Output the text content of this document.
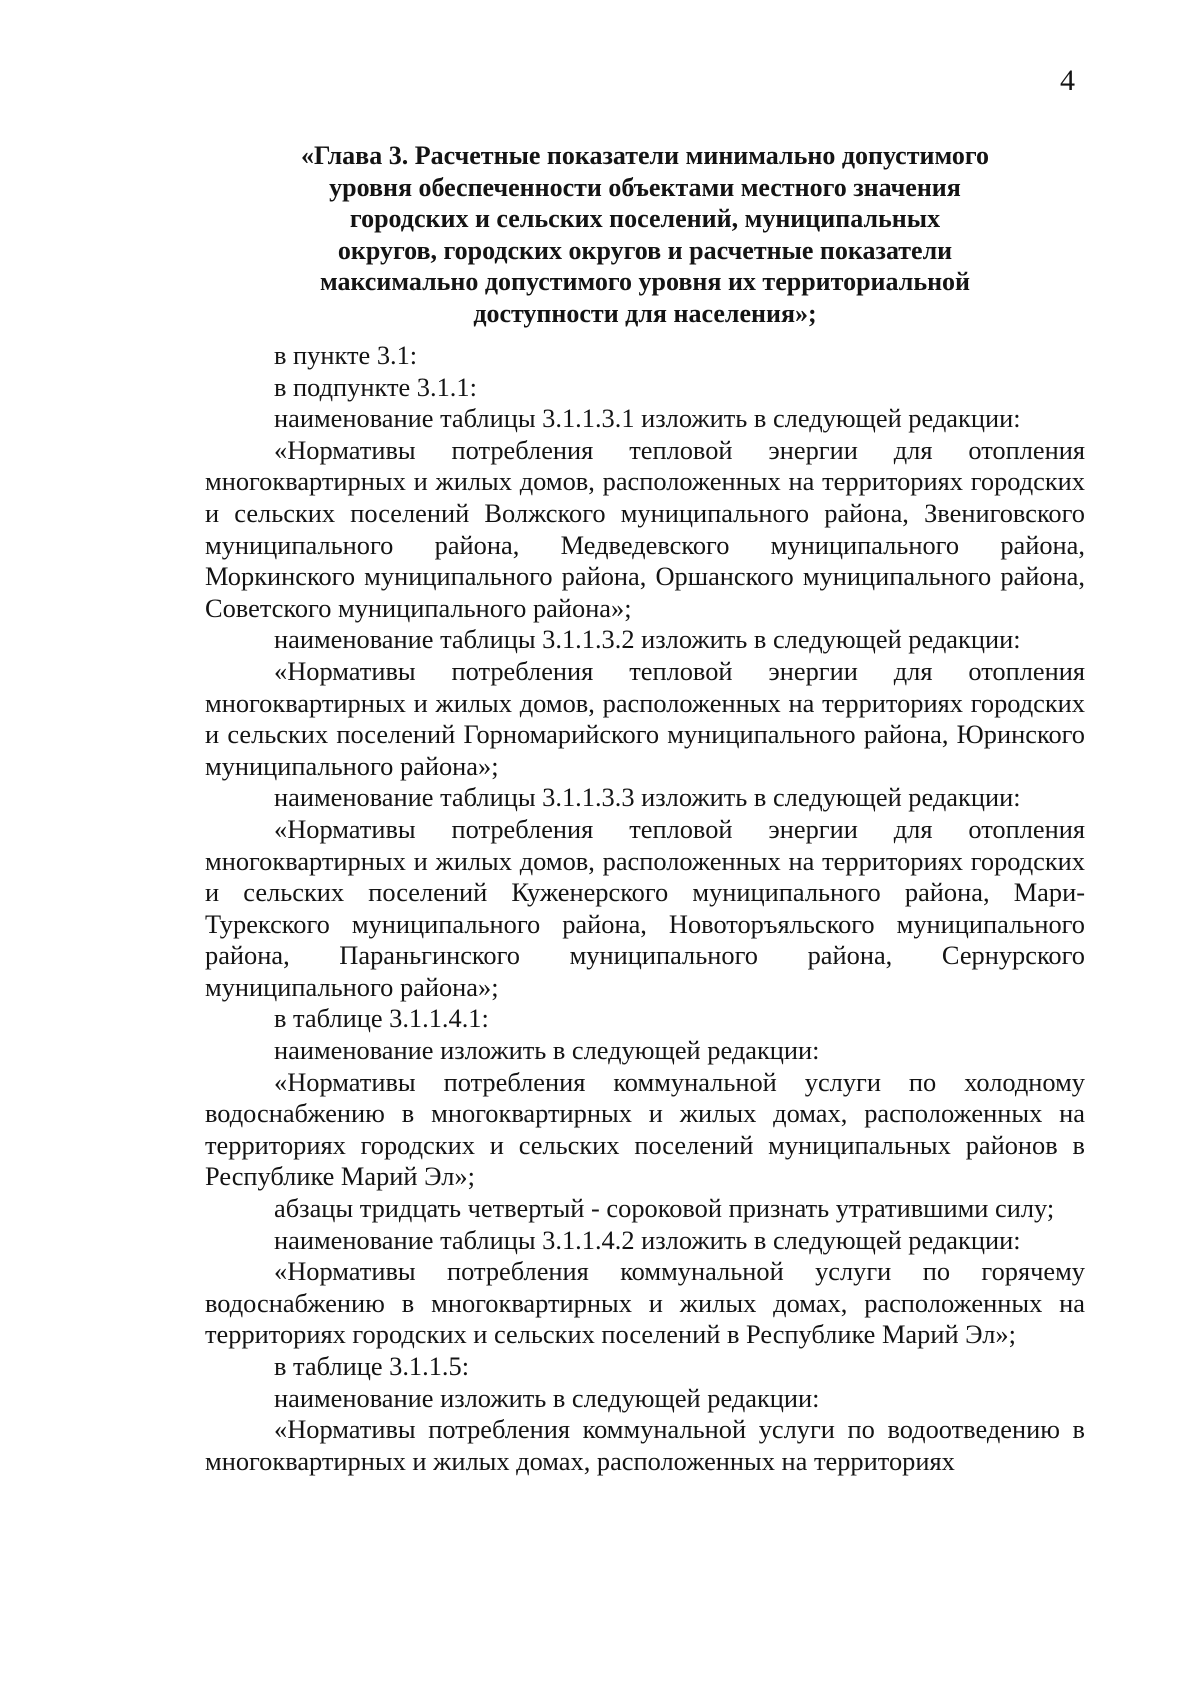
4
«Глава 3. Расчетные показатели минимально допустимого
уровня обеспеченности объектами местного значения
городских и сельских поселений, муниципальных
округов, городских округов и расчетные показатели
максимально допустимого уровня их территориальной
доступности для населения»;

в пункте 3.1:

в подпункте 3.1.1:

наименование таблицы 3.1.1.3.1 изложить в следующей редакции:

«Нормативы потребления тепловой энергии для отопления многоквартирных и жилых домов, расположенных на территориях городских и сельских поселений Волжского муниципального района, Звениговского муниципального района, Медведевского муниципального района, Моркинского муниципального района, Оршанского муниципального района, Советского муниципального района»;

наименование таблицы 3.1.1.3.2 изложить в следующей редакции:

«Нормативы потребления тепловой энергии для отопления многоквартирных и жилых домов, расположенных на территориях городских и сельских поселений Горномарийского муниципального района, Юринского муниципального района»;

наименование таблицы 3.1.1.3.3 изложить в следующей редакции:

«Нормативы потребления тепловой энергии для отопления многоквартирных и жилых домов, расположенных на территориях городских и сельских поселений Куженерского муниципального района, Мари-Турекского муниципального района, Новоторъяльского муниципального района, Параньгинского муниципального района, Сернурского муниципального района»;

в таблице 3.1.1.4.1:

наименование изложить в следующей редакции:

«Нормативы потребления коммунальной услуги по холодному водоснабжению в многоквартирных и жилых домах, расположенных на территориях городских и сельских поселений муниципальных районов в Республике Марий Эл»;

абзацы тридцать четвертый - сороковой признать утратившими силу;

наименование таблицы 3.1.1.4.2 изложить в следующей редакции:

«Нормативы потребления коммунальной услуги по горячему водоснабжению в многоквартирных и жилых домах, расположенных на территориях городских и сельских поселений в Республике Марий Эл»;

в таблице 3.1.1.5:

наименование изложить в следующей редакции:

«Нормативы потребления коммунальной услуги по водоотведению в многоквартирных и жилых домах, расположенных на территориях
